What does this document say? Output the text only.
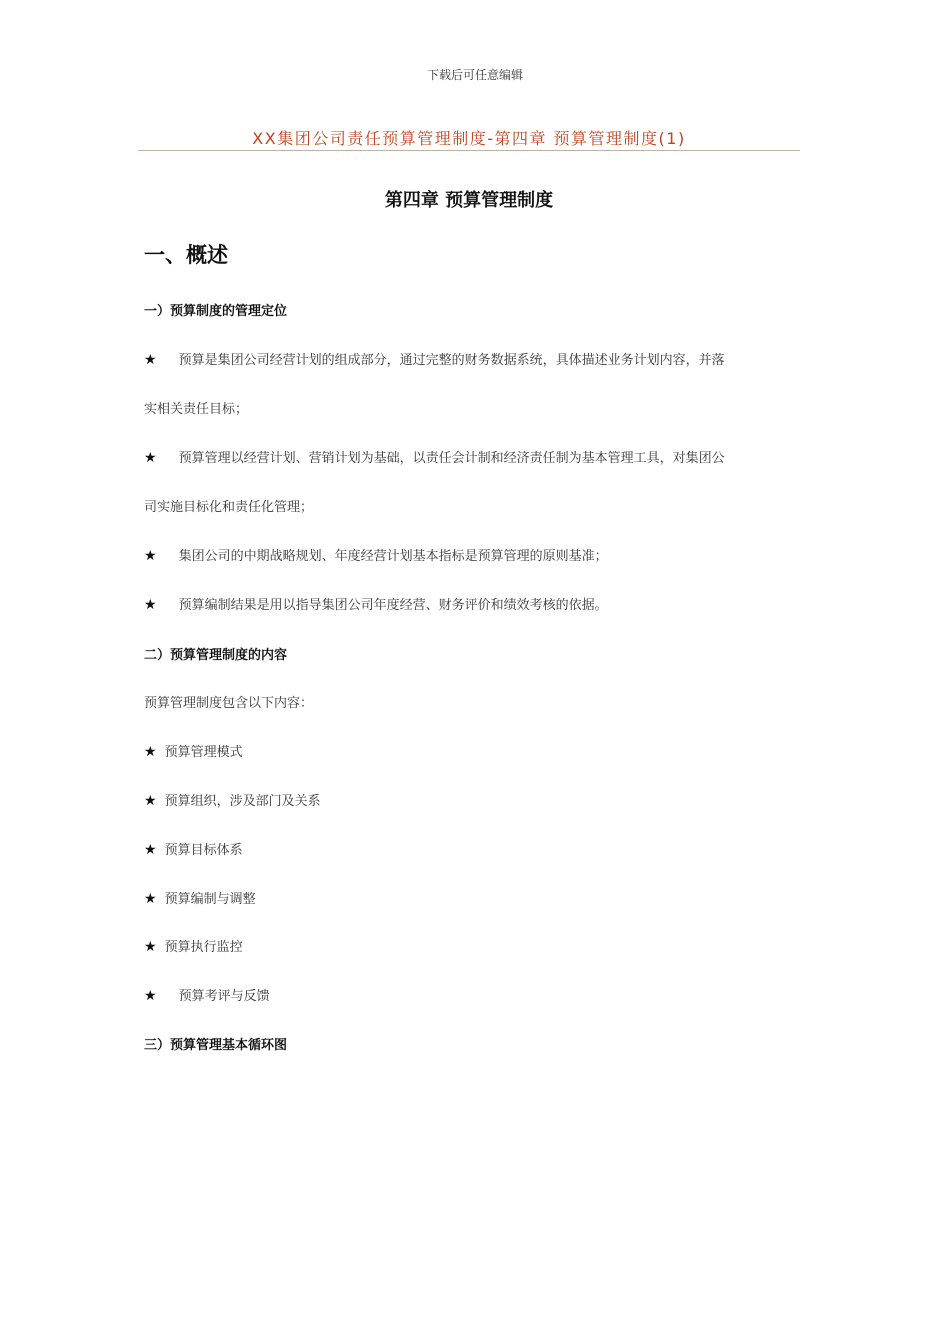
下载后可任意编辑
XX集团公司责任预算管理制度-第四章 预算管理制度(1)
第四章 预算管理制度
一、概述
一）预算制度的管理定位
★ 预算是集团公司经营计划的组成部分，通过完整的财务数据系统，具体描述业务计划内容，并落
实相关责任目标；
★ 预算管理以经营计划、营销计划为基础，以责任会计制和经济责任制为基本管理工具，对集团公
司实施目标化和责任化管理；
★ 集团公司的中期战略规划、年度经营计划基本指标是预算管理的原则基准；
★ 预算编制结果是用以指导集团公司年度经营、财务评价和绩效考核的依据。
二）预算管理制度的内容
预算管理制度包含以下内容：
★ 预算管理模式
★ 预算组织，涉及部门及关系
★ 预算目标体系
★ 预算编制与调整
★ 预算执行监控
★ 预算考评与反馈
三）预算管理基本循环图
